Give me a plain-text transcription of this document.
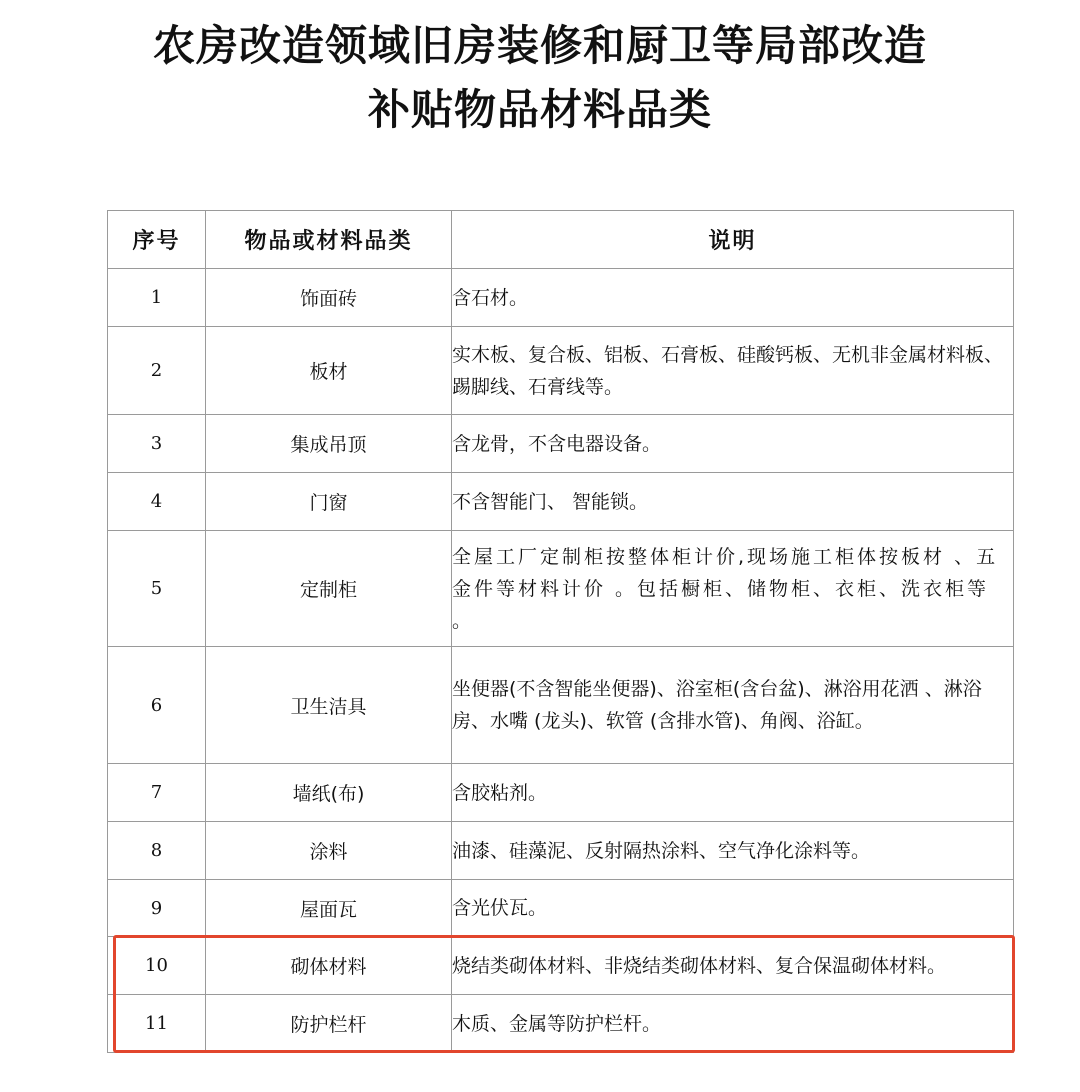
农房改造领域旧房装修和厨卫等局部改造
补贴物品材料品类
序号	物品或材料品类	说明
1	饰面砖	含石材。
2	板材	实木板、复合板、铝板、石膏板、硅酸钙板、无机非金属材料板、踢脚线、石膏线等。
3	集成吊顶	含龙骨，不含电器设备。
4	门窗	不含智能门、 智能锁。
5	定制柜	全屋工厂定制柜按整体柜计价,现场施工柜体按板材 、五金件等材料计价 。包括橱柜、储物柜、衣柜、洗衣柜等 。
6	卫生洁具	坐便器(不含智能坐便器)、浴室柜(含台盆)、淋浴用花洒 、淋浴房、水嘴 (龙头)、软管 (含排水管)、角阀、浴缸。
7	墙纸(布)	含胶粘剂。
8	涂料	油漆、硅藻泥、反射隔热涂料、空气净化涂料等。
9	屋面瓦	含光伏瓦。
10	砌体材料	烧结类砌体材料、非烧结类砌体材料、复合保温砌体材料。
11	防护栏杆	木质、金属等防护栏杆。
